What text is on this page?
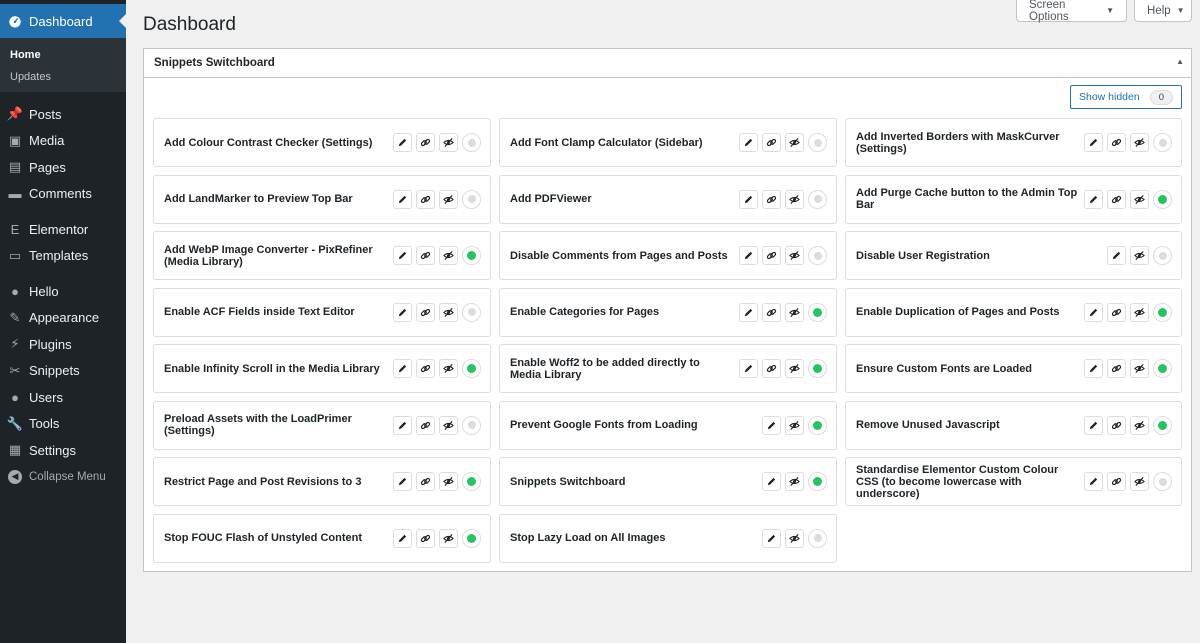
Dashboard
Home
Updates
📌 Posts
▣ Media
▤ Pages
▬ Comments
Ε Elementor
▭ Templates
● Hello
✎ Appearance
⚡ Plugins
✂ Snippets
● Users
🔧 Tools
▦ Settings
◀ Collapse Menu
Screen Options	▼	Help ▼
Dashboard
Snippets Switchboard	▲
Show hidden	0
Add Colour Contrast Checker (Settings)	Add Font Clamp Calculator (Sidebar)	Add Inverted Borders with MaskCurver (Settings)
Add LandMarker to Preview Top Bar	Add PDFViewer	Add Purge Cache button to the Admin Top Bar
Add WebP Image Converter - PixRefiner (Media Library)	Disable Comments from Pages and Posts	Disable User Registration
Enable ACF Fields inside Text Editor	Enable Categories for Pages	Enable Duplication of Pages and Posts
Enable Infinity Scroll in the Media Library	Enable Woff2 to be added directly to Media Library	Ensure Custom Fonts are Loaded
Preload Assets with the LoadPrimer (Settings)	Prevent Google Fonts from Loading	Remove Unused Javascript
Restrict Page and Post Revisions to 3	Snippets Switchboard
Standardise Elementor Custom Colour CSS (to become lowercase with underscore)
Stop FOUC Flash of Unstyled Content	Stop Lazy Load on All Images
